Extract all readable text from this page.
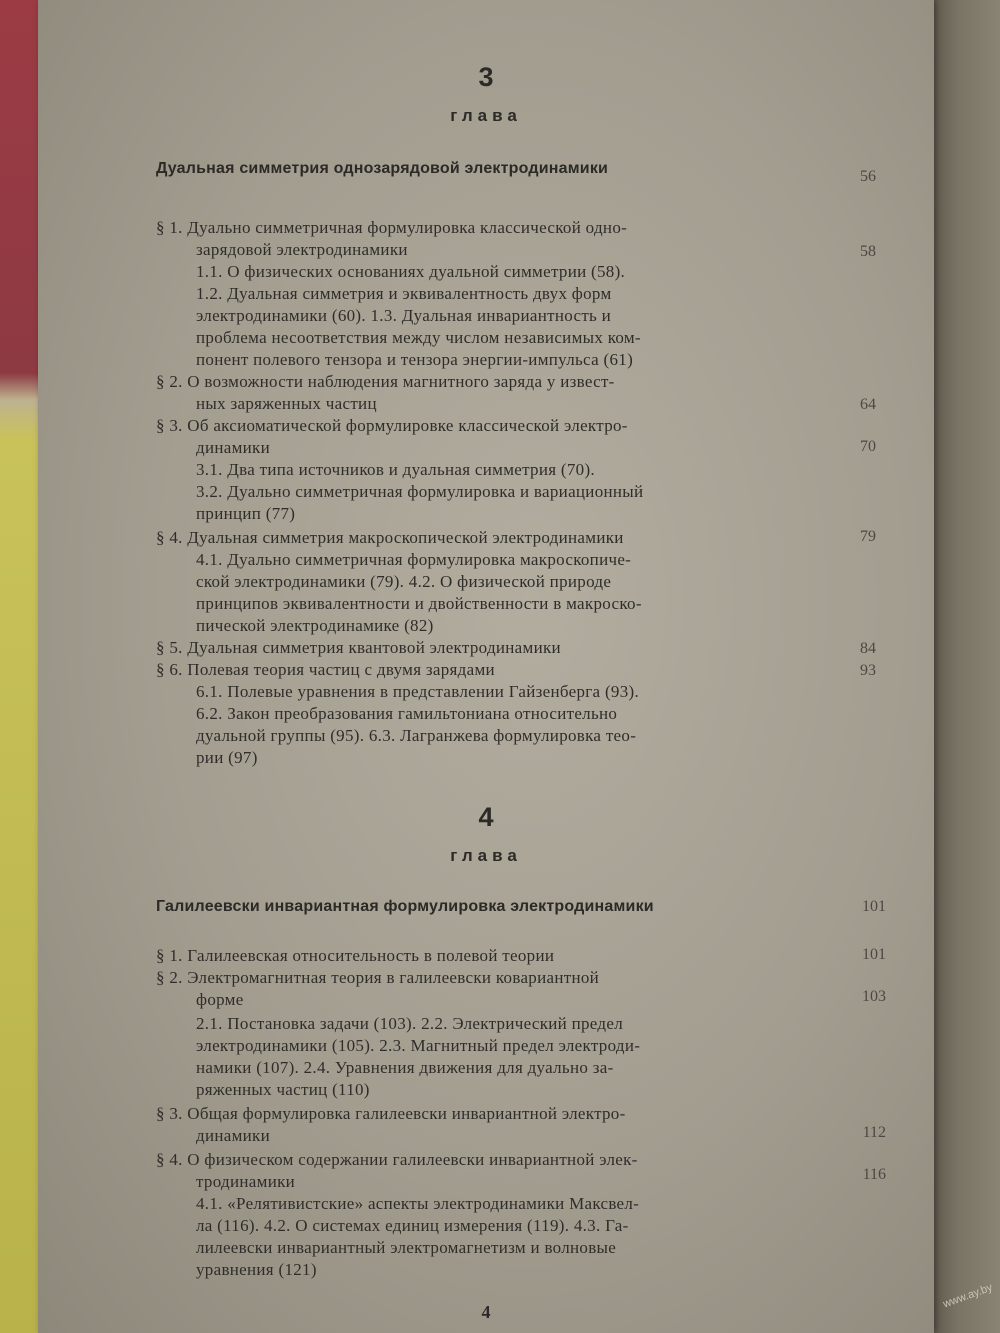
www.ay.by
3
глава
Дуальная симметрия однозарядовой электродинамики	56
§ 1. Дуально симметричная формулировка классической одно-
зарядовой электродинамики	58
1.1. О физических основаниях дуальной симметрии (58).
1.2. Дуальная симметрия и эквивалентность двух форм
электродинамики (60). 1.3. Дуальная инвариантность и
проблема несоответствия между числом независимых ком-
понент полевого тензора и тензора энергии-импульса (61)
§ 2. О возможности наблюдения магнитного заряда у извест-
ных заряженных частиц	64
§ 3. Об аксиоматической формулировке классической электро-
динамики	70
3.1. Два типа источников и дуальная симметрия (70).
3.2. Дуально симметричная формулировка и вариационный
принцип (77)
§ 4. Дуальная симметрия макроскопической электродинамики	79
4.1. Дуально симметричная формулировка макроскопиче-
ской электродинамики (79). 4.2. О физической природе
принципов эквивалентности и двойственности в макроско-
пической электродинамике (82)
§ 5. Дуальная симметрия квантовой электродинамики	84
§ 6. Полевая теория частиц с двумя зарядами	93
6.1. Полевые уравнения в представлении Гайзенберга (93).
6.2. Закон преобразования гамильтониана относительно
дуальной группы (95). 6.3. Лагранжева формулировка тео-
рии (97)
4
глава
Галилеевски инвариантная формулировка электродинамики	101
§ 1. Галилеевская относительность в полевой теории	101
§ 2. Электромагнитная теория в галилеевски ковариантной
форме	103
2.1. Постановка задачи (103). 2.2. Электрический предел
электродинамики (105). 2.3. Магнитный предел электроди-
намики (107). 2.4. Уравнения движения для дуально за-
ряженных частиц (110)
§ 3. Общая формулировка галилеевски инвариантной электро-
динамики	112
§ 4. О физическом содержании галилеевски инвариантной элек-
тродинамики	116
4.1. «Релятивистские» аспекты электродинамики Максвел-
ла (116). 4.2. О системах единиц измерения (119). 4.3. Га-
лилеевски инвариантный электромагнетизм и волновые
уравнения (121)
4
